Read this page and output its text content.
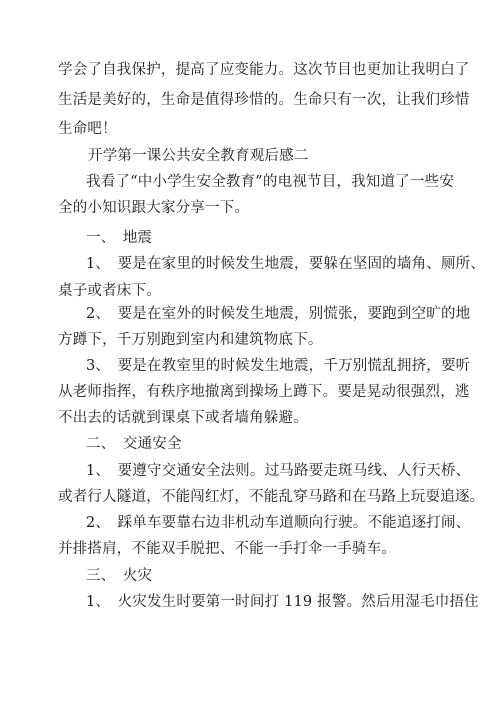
学会了自我保护，提高了应变能力。这次节目也更加让我明白了
生活是美好的，生命是值得珍惜的。生命只有一次，让我们珍惜
生命吧！
开学第一课公共安全教育观后感二
我看了“中小学生安全教育”的电视节目，我知道了一些安
全的小知识跟大家分享一下。
一、　地震
1、　要是在家里的时候发生地震，要躲在坚固的墙角、厕所、
桌子或者床下。
2、　要是在室外的时候发生地震，别慌张，要跑到空旷的地
方蹲下，千万别跑到室内和建筑物底下。
3、　要是在教室里的时候发生地震，千万别慌乱拥挤，要听
从老师指挥，有秩序地撤离到操场上蹲下。要是晃动很强烈，逃
不出去的话就到课桌下或者墙角躲避。
二、　交通安全
1、　要遵守交通安全法则。过马路要走斑马线、人行天桥、
或者行人隧道，不能闯红灯，不能乱穿马路和在马路上玩耍追逐。
2、　踩单车要靠右边非机动车道顺向行驶。不能追逐打闹、
并排搭肩，不能双手脱把、不能一手打伞一手骑车。
三、　火灾
1、　火灾发生时要第一时间打 119 报警。然后用湿毛巾捂住
